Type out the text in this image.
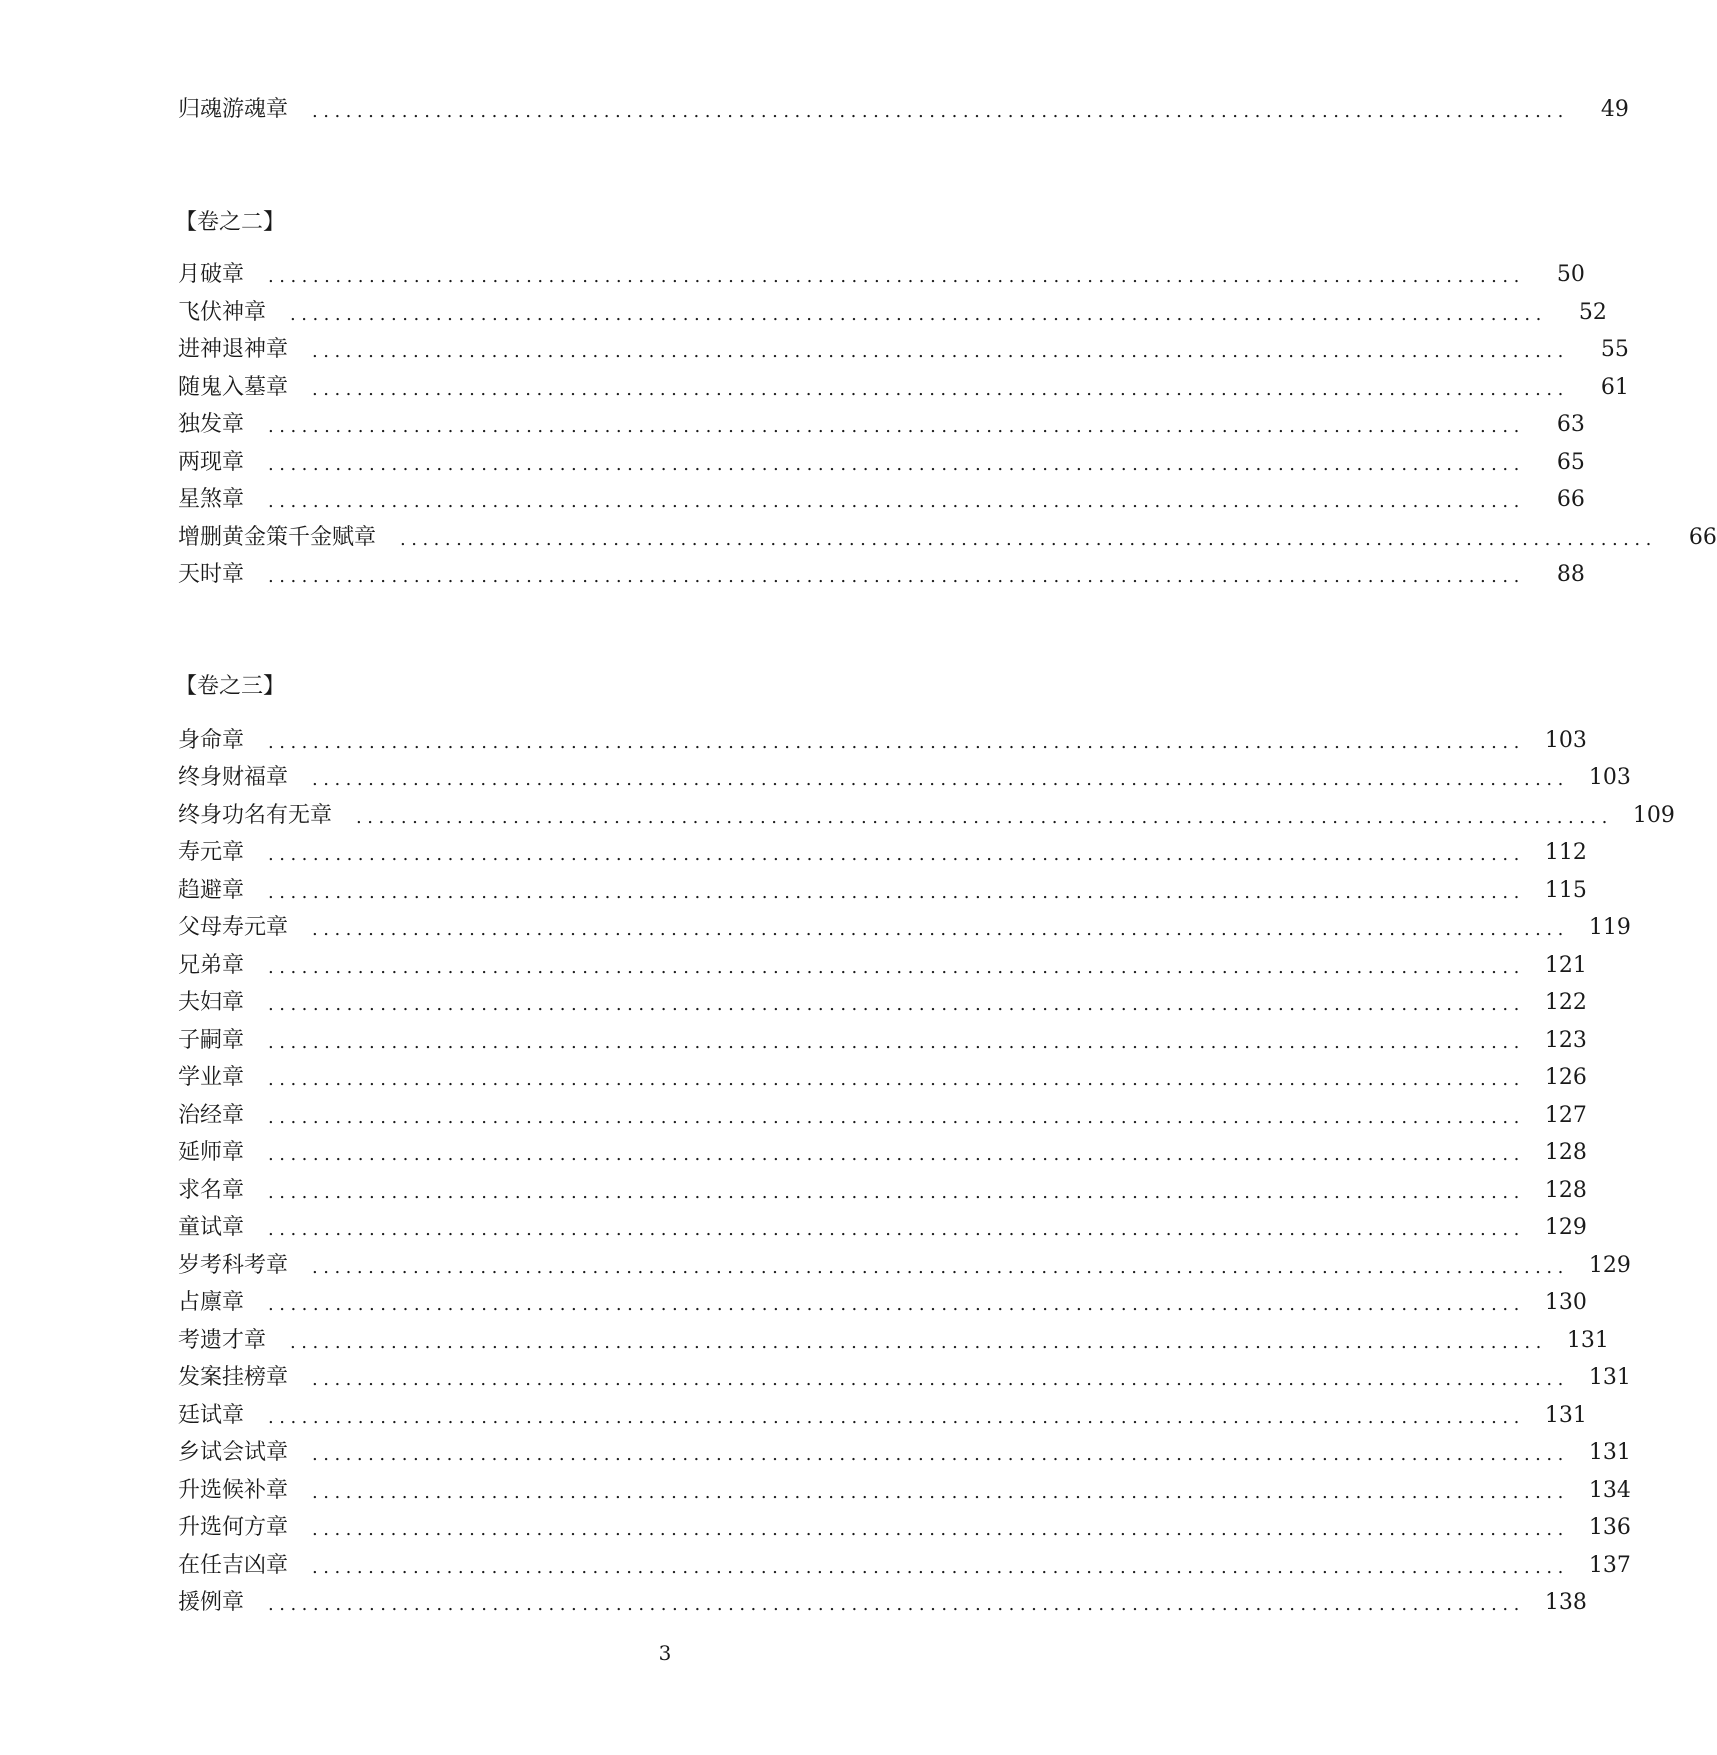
归魂游魂章	................................................................................................................	49
【卷之二】
月破章	................................................................................................................	50
飞伏神章	................................................................................................................	52
进神退神章	................................................................................................................	55
随鬼入墓章	................................................................................................................	61
独发章	................................................................................................................	63
两现章	................................................................................................................	65
星煞章	................................................................................................................	66
增删黄金策千金赋章	................................................................................................................	66
天时章	................................................................................................................	88
【卷之三】
身命章	................................................................................................................ 103
终身财福章	................................................................................................................ 103
终身功名有无章	................................................................................................................ 109
寿元章	................................................................................................................ 112
趋避章	................................................................................................................ 115
父母寿元章	................................................................................................................ 119
兄弟章	................................................................................................................ 121
夫妇章	................................................................................................................ 122
子嗣章	................................................................................................................ 123
学业章	................................................................................................................ 126
治经章	................................................................................................................ 127
延师章	................................................................................................................ 128
求名章	................................................................................................................ 128
童试章	................................................................................................................ 129
岁考科考章	................................................................................................................ 129
占廪章	................................................................................................................ 130
考遗才章	................................................................................................................ 131
发案挂榜章	................................................................................................................ 131
廷试章	................................................................................................................ 131
乡试会试章	................................................................................................................ 131
升选候补章	................................................................................................................ 134
升选何方章	................................................................................................................ 136
在任吉凶章	................................................................................................................ 137
援例章	................................................................................................................ 138
3
